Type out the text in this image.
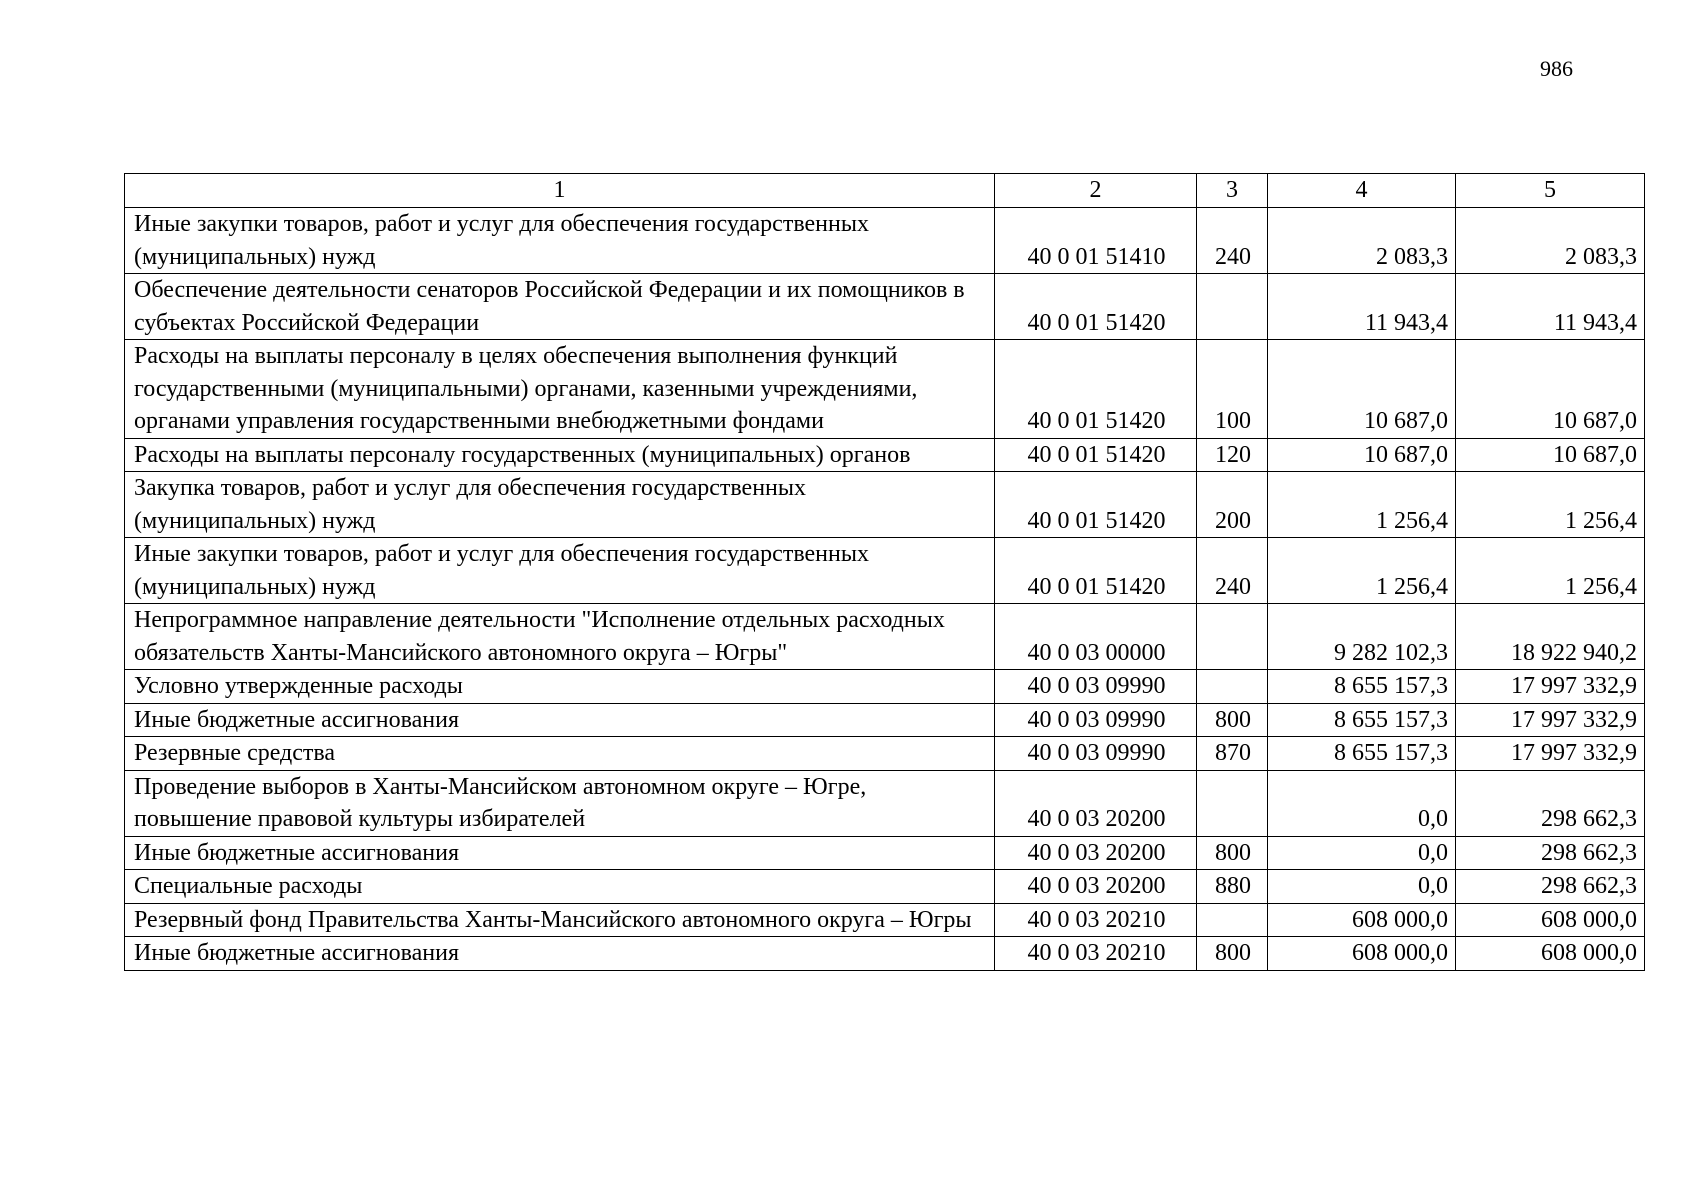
986
1	2	3	4	5
Иные закупки товаров, работ и услуг для обеспечения государственных (муниципальных) нужд	40 0 01 51410	240	2 083,3	2 083,3
Обеспечение деятельности сенаторов Российской Федерации и их помощников в субъектах Российской Федерации	40 0 01 51420		11 943,4	11 943,4
Расходы на выплаты персоналу в целях обеспечения выполнения функций государственными (муниципальными) органами, казенными учреждениями, органами управления государственными внебюджетными фондами	40 0 01 51420	100	10 687,0	10 687,0
Расходы на выплаты персоналу государственных (муниципальных) органов	40 0 01 51420	120	10 687,0	10 687,0
Закупка товаров, работ и услуг для обеспечения государственных (муниципальных) нужд	40 0 01 51420	200	1 256,4	1 256,4
Иные закупки товаров, работ и услуг для обеспечения государственных (муниципальных) нужд	40 0 01 51420	240	1 256,4	1 256,4
Непрограммное направление деятельности "Исполнение отдельных расходных обязательств Ханты-Мансийского автономного округа – Югры"	40 0 03 00000		9 282 102,3	18 922 940,2
Условно утвержденные расходы	40 0 03 09990		8 655 157,3	17 997 332,9
Иные бюджетные ассигнования	40 0 03 09990	800	8 655 157,3	17 997 332,9
Резервные средства	40 0 03 09990	870	8 655 157,3	17 997 332,9
Проведение выборов в Ханты-Мансийском автономном округе – Югре, повышение правовой культуры избирателей	40 0 03 20200		0,0	298 662,3
Иные бюджетные ассигнования	40 0 03 20200	800	0,0	298 662,3
Специальные расходы	40 0 03 20200	880	0,0	298 662,3
Резервный фонд Правительства Ханты-Мансийского автономного округа – Югры	40 0 03 20210		608 000,0	608 000,0
Иные бюджетные ассигнования	40 0 03 20210	800	608 000,0	608 000,0
